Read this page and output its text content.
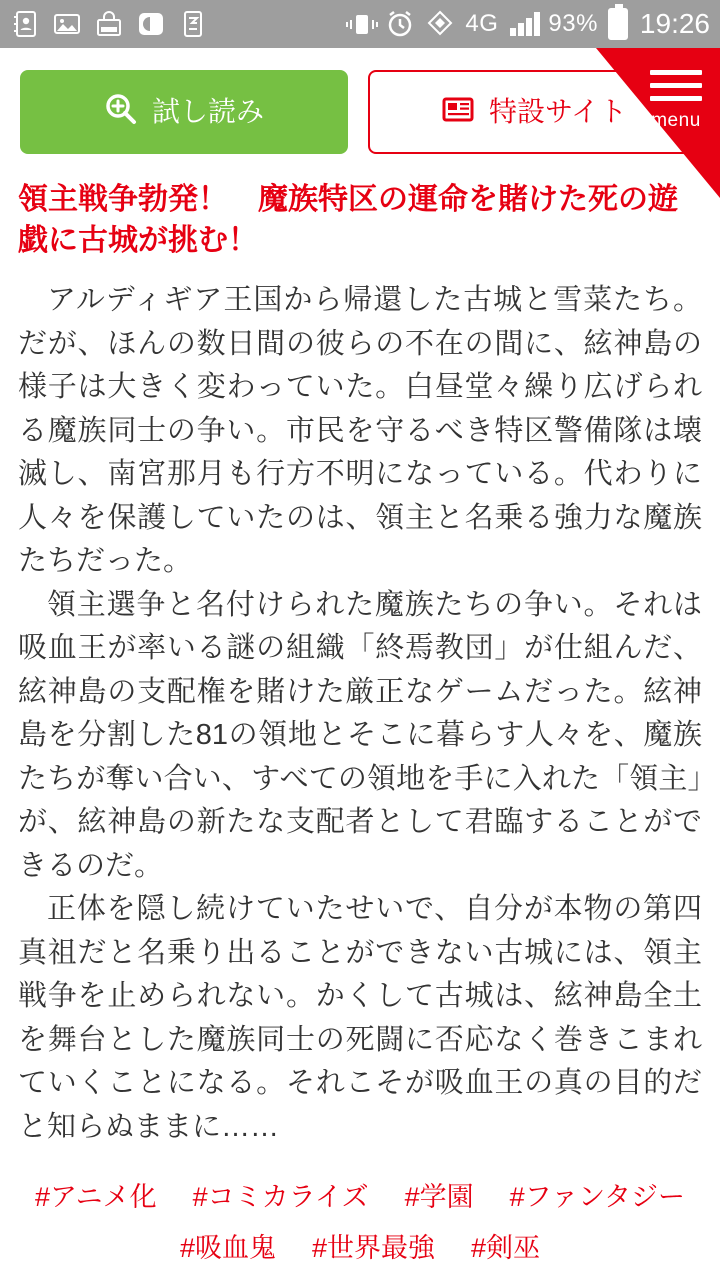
4G 93% 19:26
試し読み	特設サイト menu
領主戦争勃発！　魔族特区の運命を賭けた死の遊戯に古城が挑む！

アルディギア王国から帰還した古城と雪菜たち。だが、ほんの数日間の彼らの不在の間に、絃神島の様子は大きく変わっていた。白昼堂々繰り広げられる魔族同士の争い。市民を守るべき特区警備隊は壊滅し、南宮那月も行方不明になっている。代わりに人々を保護していたのは、領主と名乗る強力な魔族たちだった。

領主選争と名付けられた魔族たちの争い。それは吸血王が率いる謎の組織「終焉教団」が仕組んだ、絃神島の支配権を賭けた厳正なゲームだった。絃神島を分割した81の領地とそこに暮らす人々を、魔族たちが奪い合い、すべての領地を手に入れた「領主」が、絃神島の新たな支配者として君臨することができるのだ。

正体を隠し続けていたせいで、自分が本物の第四真祖だと名乗り出ることができない古城には、領主戦争を止められない。かくして古城は、絃神島全土を舞台とした魔族同士の死闘に否応なく巻きこまれていくことになる。それこそが吸血王の真の目的だと知らぬままに……

#アニメ化 #コミカライズ #学園 #ファンタジー
#吸血鬼 #世界最強 #剣巫
